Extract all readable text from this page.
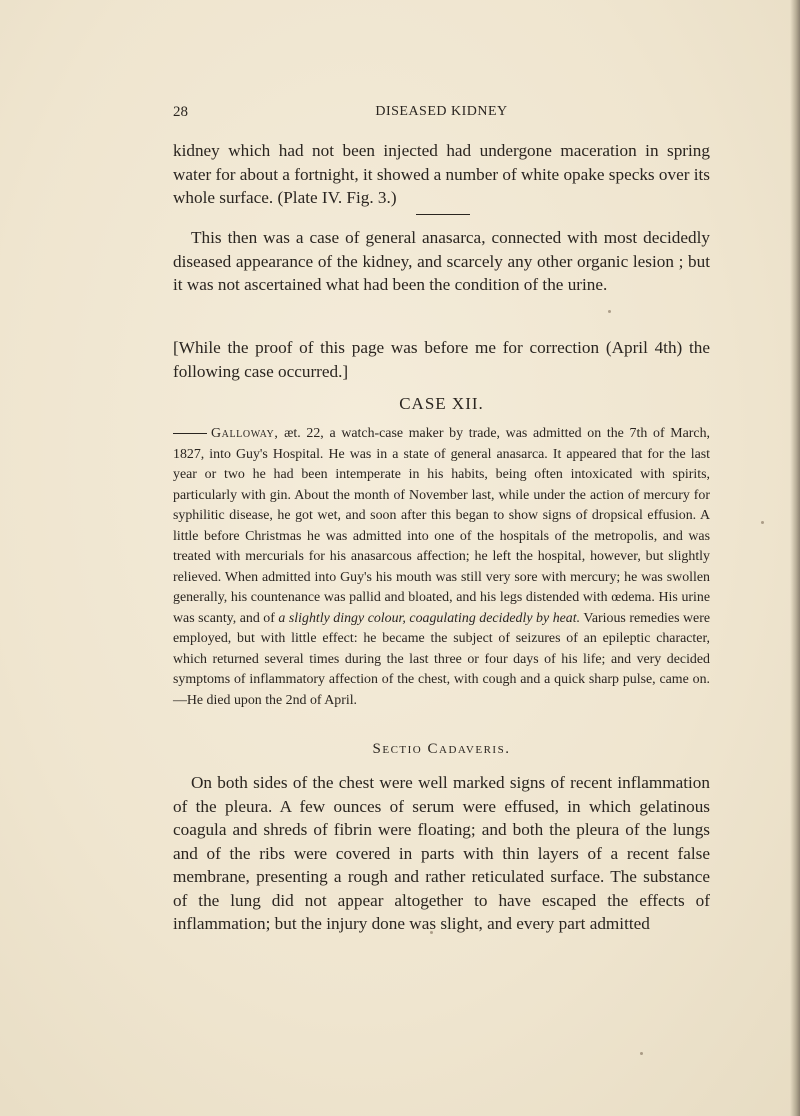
28	DISEASED KIDNEY

kidney which had not been injected had undergone maceration in spring water for about a fortnight, it showed a number of white opake specks over its whole surface. (Plate IV. Fig. 3.)

This then was a case of general anasarca, connected with most decidedly diseased appearance of the kidney, and scarcely any other organic lesion ; but it was not ascertained what had been the condition of the urine.

[While the proof of this page was before me for correction (April 4th) the following case occurred.]

CASE XII.

Galloway, æt. 22, a watch-case maker by trade, was admitted on the 7th of March, 1827, into Guy's Hospital. He was in a state of general anasarca. It appeared that for the last year or two he had been intemperate in his habits, being often intoxicated with spirits, particularly with gin. About the month of November last, while under the action of mercury for syphilitic disease, he got wet, and soon after this began to show signs of dropsical effusion. A little before Christmas he was admitted into one of the hospitals of the metropolis, and was treated with mercurials for his anasarcous affection; he left the hospital, however, but slightly relieved. When admitted into Guy's his mouth was still very sore with mercury; he was swollen generally, his countenance was pallid and bloated, and his legs distended with œdema. His urine was scanty, and of a slightly dingy colour, coagulating decidedly by heat. Various remedies were employed, but with little effect: he became the subject of seizures of an epileptic character, which returned several times during the last three or four days of his life; and very decided symptoms of inflammatory affection of the chest, with cough and a quick sharp pulse, came on.—He died upon the 2nd of April.

Sectio Cadaveris.

On both sides of the chest were well marked signs of recent inflammation of the pleura. A few ounces of serum were effused, in which gelatinous coagula and shreds of fibrin were floating; and both the pleura of the lungs and of the ribs were covered in parts with thin layers of a recent false membrane, presenting a rough and rather reticulated surface. The substance of the lung did not appear altogether to have escaped the effects of inflammation; but the injury done was slight, and every part admitted
